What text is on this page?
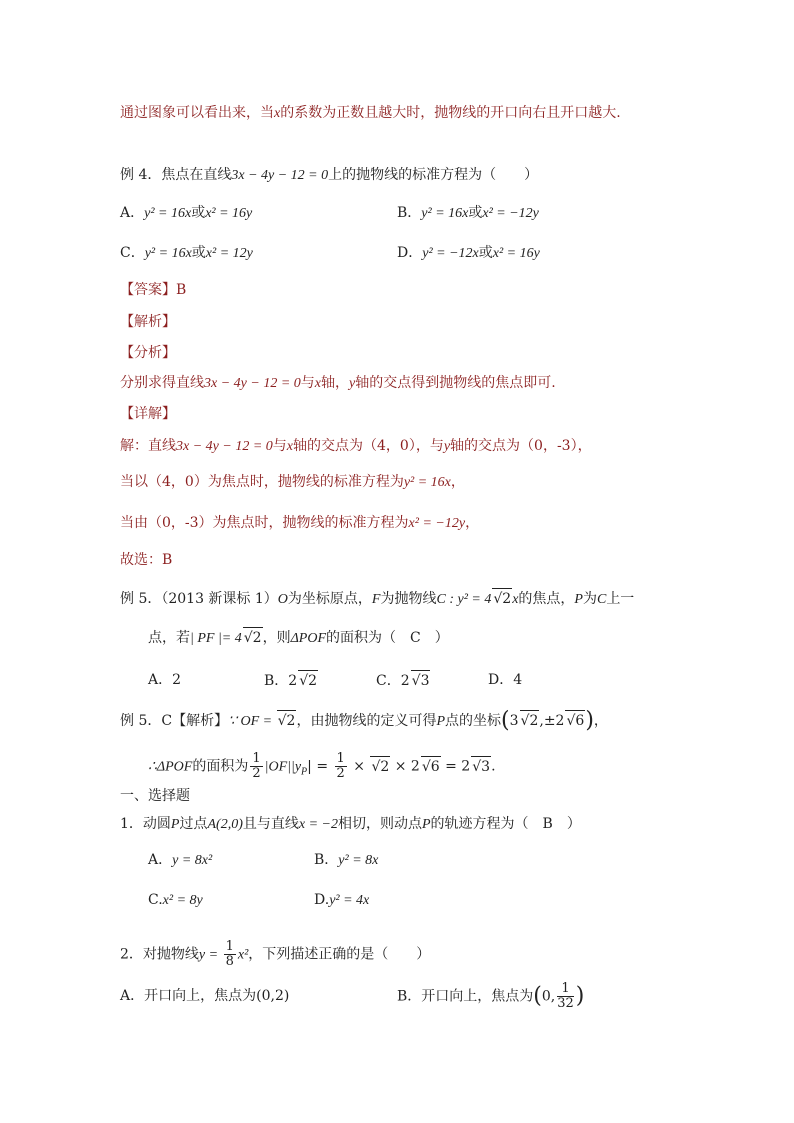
通过图象可以看出来，当x的系数为正数且越大时，抛物线的开口向右且开口越大.
例 4．焦点在直线3x − 4y − 12 = 0上的抛物线的标准方程为（　　）
A．y² = 16x或x² = 16y	B．y² = 16x或x² = −12y
C．y² = 16x或x² = 12y	D．y² = −12x或x² = 16y
【答案】B
【解析】
【分析】
分别求得直线3x − 4y − 12 = 0与x轴，y轴的交点得到抛物线的焦点即可.
【详解】
解：直线3x − 4y − 12 = 0与x轴的交点为（4，0），与y轴的交点为（0，-3），
当以（4，0）为焦点时，抛物线的标准方程为y² = 16x，
当由（0，-3）为焦点时，抛物线的标准方程为x² = −12y，
故选：B
例 5．（2013 新课标 1）O为坐标原点，F为抛物线C : y² = 4 √2x的焦点，P为C上一
点，若| PF |= 4 √2，则ΔPOF的面积为（　C　）
A．2	B．2 √2	C．2 √3	D．4
例 5．C【解析】∵ OF = √2，由抛物线的定义可得P点的坐标(3 √2,±2 √6)，
∴ΔPOF的面积为 $\frac{1}{2} |OF||y_P| = \frac{1}{2} \times √2 \times 2$ √6 = 2 √3.
一、选择题
1．动圆P过点A(2,0)且与直线x = −2相切，则动点P的轨迹方程为（　B　）
A．y = 8x²	B．y² = 8x
C.x² = 8y	D.y² = 4x
2．对抛物线$y = \frac{1}{8} x^2$，下列描述正确的是（　　）
A．开口向上，焦点为(0,2)	B．开口向上，焦点为(0, $\frac{1}{32}$ )
